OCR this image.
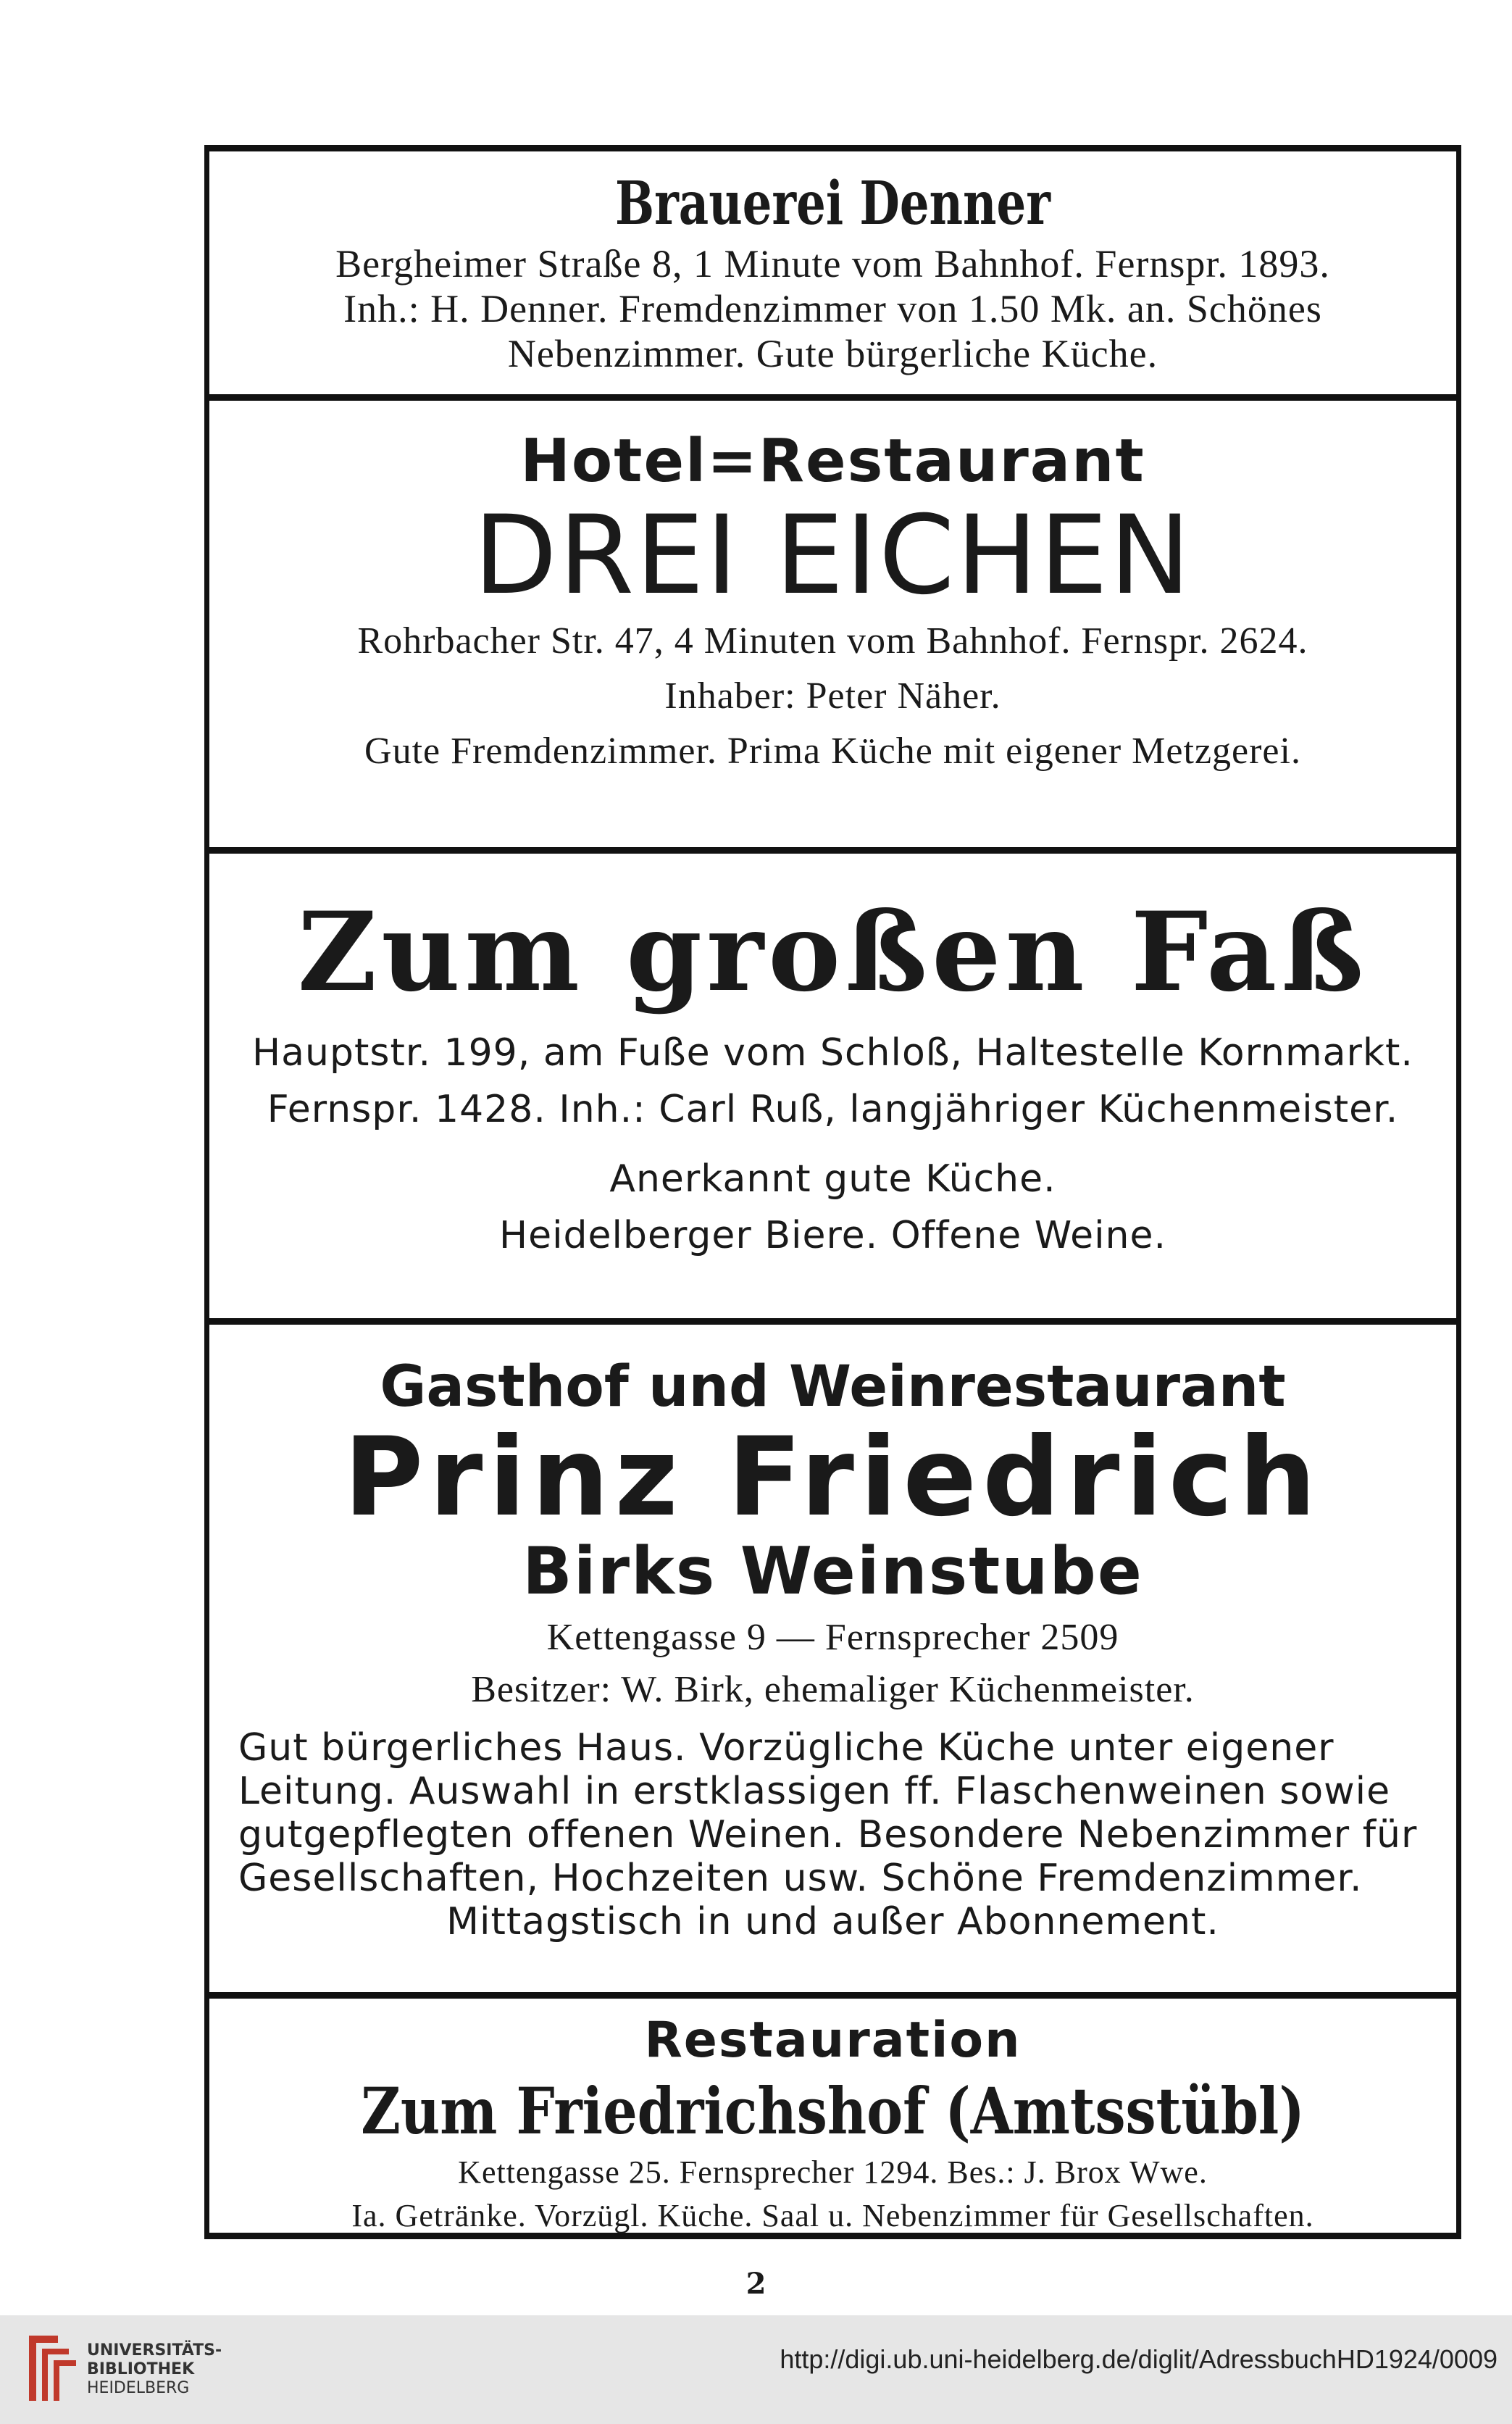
Brauerei Denner
Bergheimer Straße 8, 1 Minute vom Bahnhof. Fernspr. 1893.
Inh.: H. Denner. Fremdenzimmer von 1.50 Mk. an. Schönes
Nebenzimmer. Gute bürgerliche Küche.
Hotel=Restaurant
DREI EICHEN
Rohrbacher Str. 47, 4 Minuten vom Bahnhof. Fernspr. 2624.
Inhaber: Peter Näher.
Gute Fremdenzimmer. Prima Küche mit eigener Metzgerei.
Zum großen Faß
Hauptstr. 199, am Fuße vom Schloß, Haltestelle Kornmarkt.
Fernspr. 1428. Inh.: Carl Ruß, langjähriger Küchenmeister.
Anerkannt gute Küche.
Heidelberger Biere. Offene Weine.
Gasthof und Weinrestaurant
Prinz Friedrich
Birks Weinstube
Kettengasse 9 — Fernsprecher 2509
Besitzer: W. Birk, ehemaliger Küchenmeister.
Gut bürgerliches Haus. Vorzügliche Küche unter eigener
Leitung. Auswahl in erstklassigen ff. Flaschenweinen sowie
gutgepflegten offenen Weinen. Besondere Nebenzimmer für
Gesellschaften, Hochzeiten usw. Schöne Fremdenzimmer.
Mittagstisch in und außer Abonnement.
Restauration
Zum Friedrichshof (Amtsstübl)
Kettengasse 25. Fernsprecher 1294. Bes.: J. Brox Wwe.
Ia. Getränke. Vorzügl. Küche. Saal u. Nebenzimmer für Gesellschaften.
2
UNIVERSITÄTS-
BIBLIOTHEK
HEIDELBERG
http://digi.ub.uni-heidelberg.de/diglit/AdressbuchHD1924/0009
